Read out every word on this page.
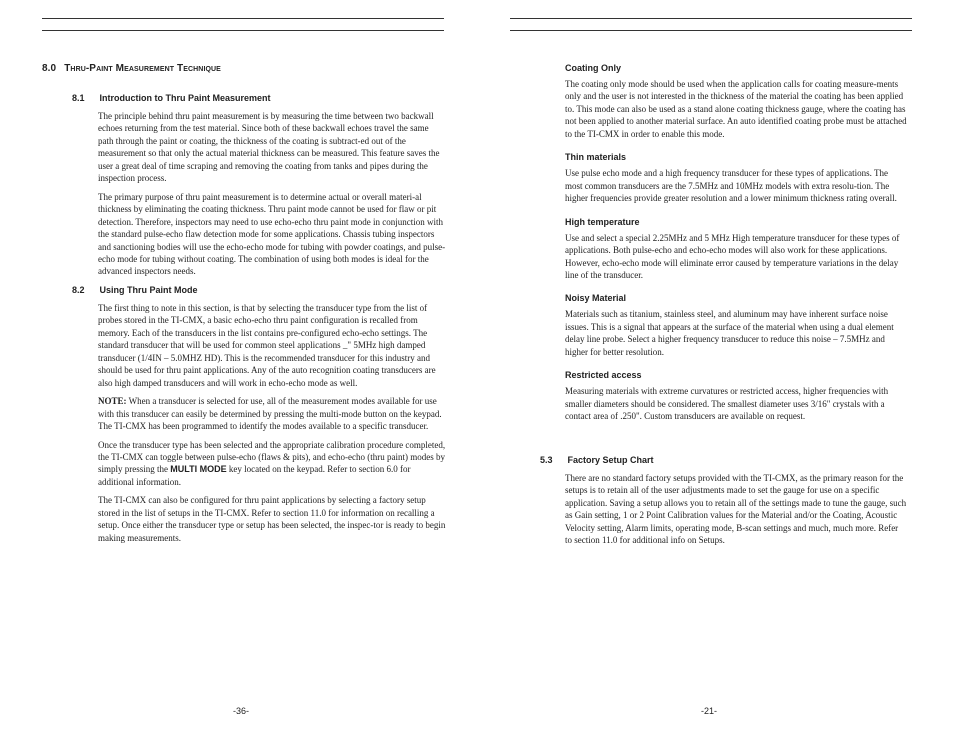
8.0 Thru-Paint Measurement Technique
8.1 Introduction to Thru Paint Measurement

The principle behind thru paint measurement is by measuring the time between two backwall echoes returning from the test material. Since both of these backwall echoes travel the same path through the paint or coating, the thickness of the coating is subtract-ed out of the measurement so that only the actual material thickness can be measured. This feature saves the user a great deal of time scraping and removing the coating from tanks and pipes during the inspection process.

The primary purpose of thru paint measurement is to determine actual or overall materi-al thickness by eliminating the coating thickness. Thru paint mode cannot be used for flaw or pit detection. Therefore, inspectors may need to use echo-echo thru paint mode in conjunction with the standard pulse-echo flaw detection mode for some applications. Chassis tubing inspectors and sanctioning bodies will use the echo-echo mode for tubing with powder coatings, and pulse-echo mode for tubing without coating. The combination of using both modes is ideal for the advanced inspectors needs.

8.2 Using Thru Paint Mode

The first thing to note in this section, is that by selecting the transducer type from the list of probes stored in the TI-CMX, a basic echo-echo thru paint configuration is recalled from memory. Each of the transducers in the list contains pre-configured echo-echo settings. The standard transducer that will be used for common steel applications _" 5MHz high damped transducer (1/4IN – 5.0MHZ HD). This is the recommended transducer for this industry and should be used for thru paint applications. Any of the auto recognition coating transducers are also high damped transducers and will work in echo-echo mode as well.

NOTE: When a transducer is selected for use, all of the measurement modes available for use with this transducer can easily be determined by pressing the multi-mode button on the keypad. The TI-CMX has been programmed to identify the modes available to a specific transducer.

Once the transducer type has been selected and the appropriate calibration procedure completed, the TI-CMX can toggle between pulse-echo (flaws & pits), and echo-echo (thru paint) modes by simply pressing the MULTI MODE key located on the keypad. Refer to section 6.0 for additional information.

The TI-CMX can also be configured for thru paint applications by selecting a factory setup stored in the list of setups in the TI-CMX. Refer to section 11.0 for information on recalling a setup. Once either the transducer type or setup has been selected, the inspec-tor is ready to begin making measurements.

-36-
Coating Only

The coating only mode should be used when the application calls for coating measure-ments only and the user is not interested in the thickness of the material the coating has been applied to. This mode can also be used as a stand alone coating thickness gauge, where the coating has not been applied to another material surface. An auto identified coating probe must be attached to the TI-CMX in order to enable this mode.

Thin materials

Use pulse echo mode and a high frequency transducer for these types of applications. The most common transducers are the 7.5MHz and 10MHz models with extra resolu-tion. The higher frequencies provide greater resolution and a lower minimum thickness rating overall.

High temperature

Use and select a special 2.25MHz and 5 MHz High temperature transducer for these types of applications. Both pulse-echo and echo-echo modes will also work for these applications. However, echo-echo mode will eliminate error caused by temperature variations in the delay line of the transducer.

Noisy Material

Materials such as titanium, stainless steel, and aluminum may have inherent surface noise issues. This is a signal that appears at the surface of the material when using a dual element delay line probe. Select a higher frequency transducer to reduce this noise – 7.5MHz and higher for better resolution.

Restricted access

Measuring materials with extreme curvatures or restricted access, higher frequencies with smaller diameters should be considered. The smallest diameter uses 3/16" crystals with a contact area of .250". Custom transducers are available on request.

5.3 Factory Setup Chart

There are no standard factory setups provided with the TI-CMX, as the primary reason for the setups is to retain all of the user adjustments made to set the gauge for use on a specific application. Saving a setup allows you to retain all of the settings made to tune the gauge, such as Gain setting, 1 or 2 Point Calibration values for the Material and/or the Coating, Acoustic Velocity setting, Alarm limits, operating mode, B-scan settings and much, much more. Refer to section 11.0 for additional info on Setups.

-21-
